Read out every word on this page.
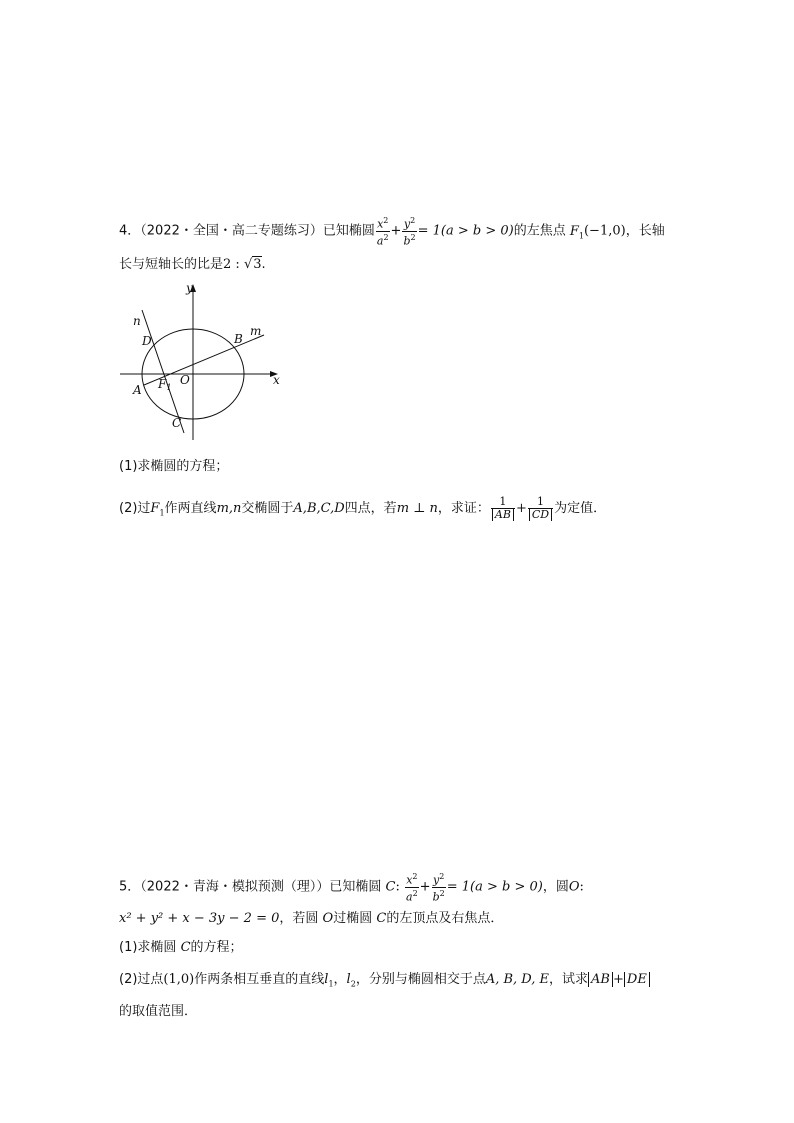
4．（2022・全国・高二专题练习）已知椭圆 $\frac{x^2}{a^2} + \frac{y^2}{b^2} = 1(a > b > 0)$的左焦点 $F_1(-1,0)$，长轴
长与短轴长的比是2 : √3.
y
x
n
m
D	B
A
C
F1
O
(1)求椭圆的方程；
(2)过$F_1$作两直线m,n交椭圆于A,B,C,D四点，若m ⊥ n，求证： $\frac{1}{AB} + \frac{1}{CD}$ 为定值．
5．（2022・青海・模拟预测（理））已知椭圆 C: $\frac{x^2}{a^2} + \frac{y^2}{b^2} = 1(a > b > 0)$，圆O:
x² + y² + x − 3y − 2 = 0，若圆 O过椭圆 C的左顶点及右焦点．
(1)求椭圆 C的方程；
(2)过点(1,0)作两条相互垂直的直线$l_1$，$l_2$，分别与椭圆相交于点A, B, D, E，试求 AB + DE
的取值范围．
